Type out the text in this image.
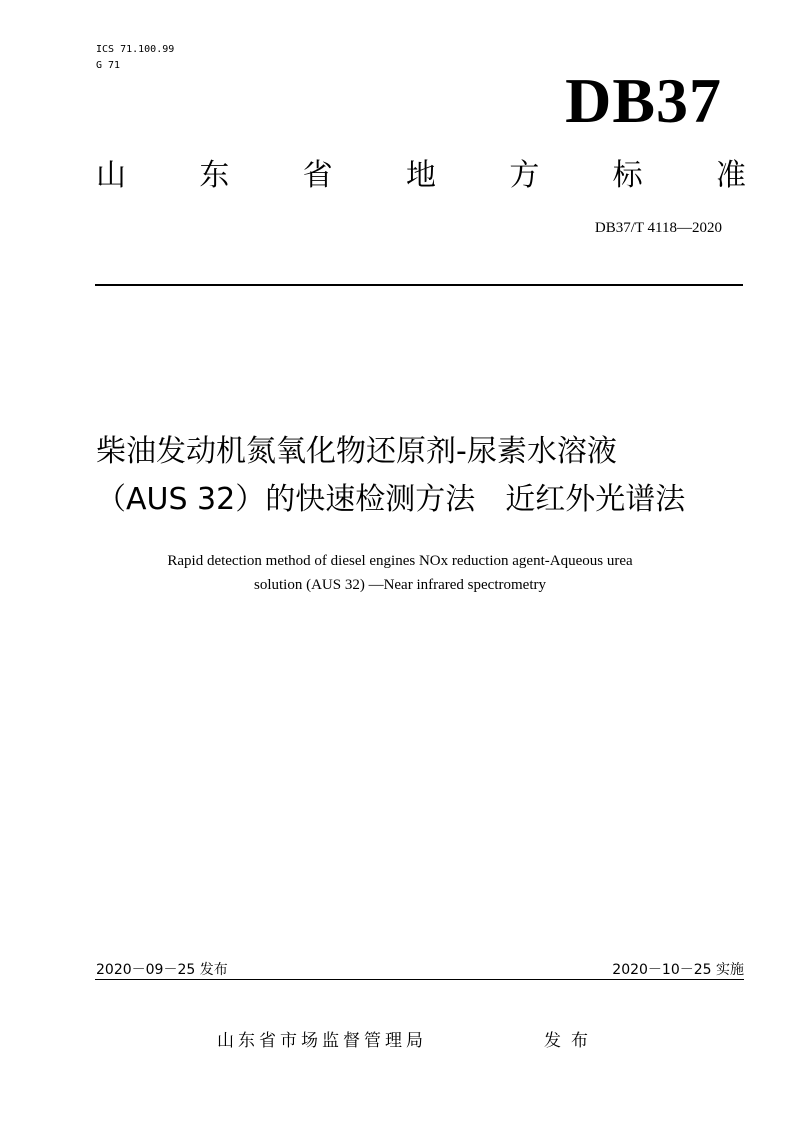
ICS 71.100.99
G 71	DB37
山 东 省 地 方 标 准
DB37/T 4118—2020
柴油发动机氮氧化物还原剂-尿素水溶液
（AUS 32）的快速检测方法　近红外光谱法
Rapid detection method of diesel engines NOx reduction agent-Aqueous urea
solution (AUS 32) —Near infrared spectrometry
2020－09－25 发布	2020－10－25 实施
山东省市场监督管理局	发布
